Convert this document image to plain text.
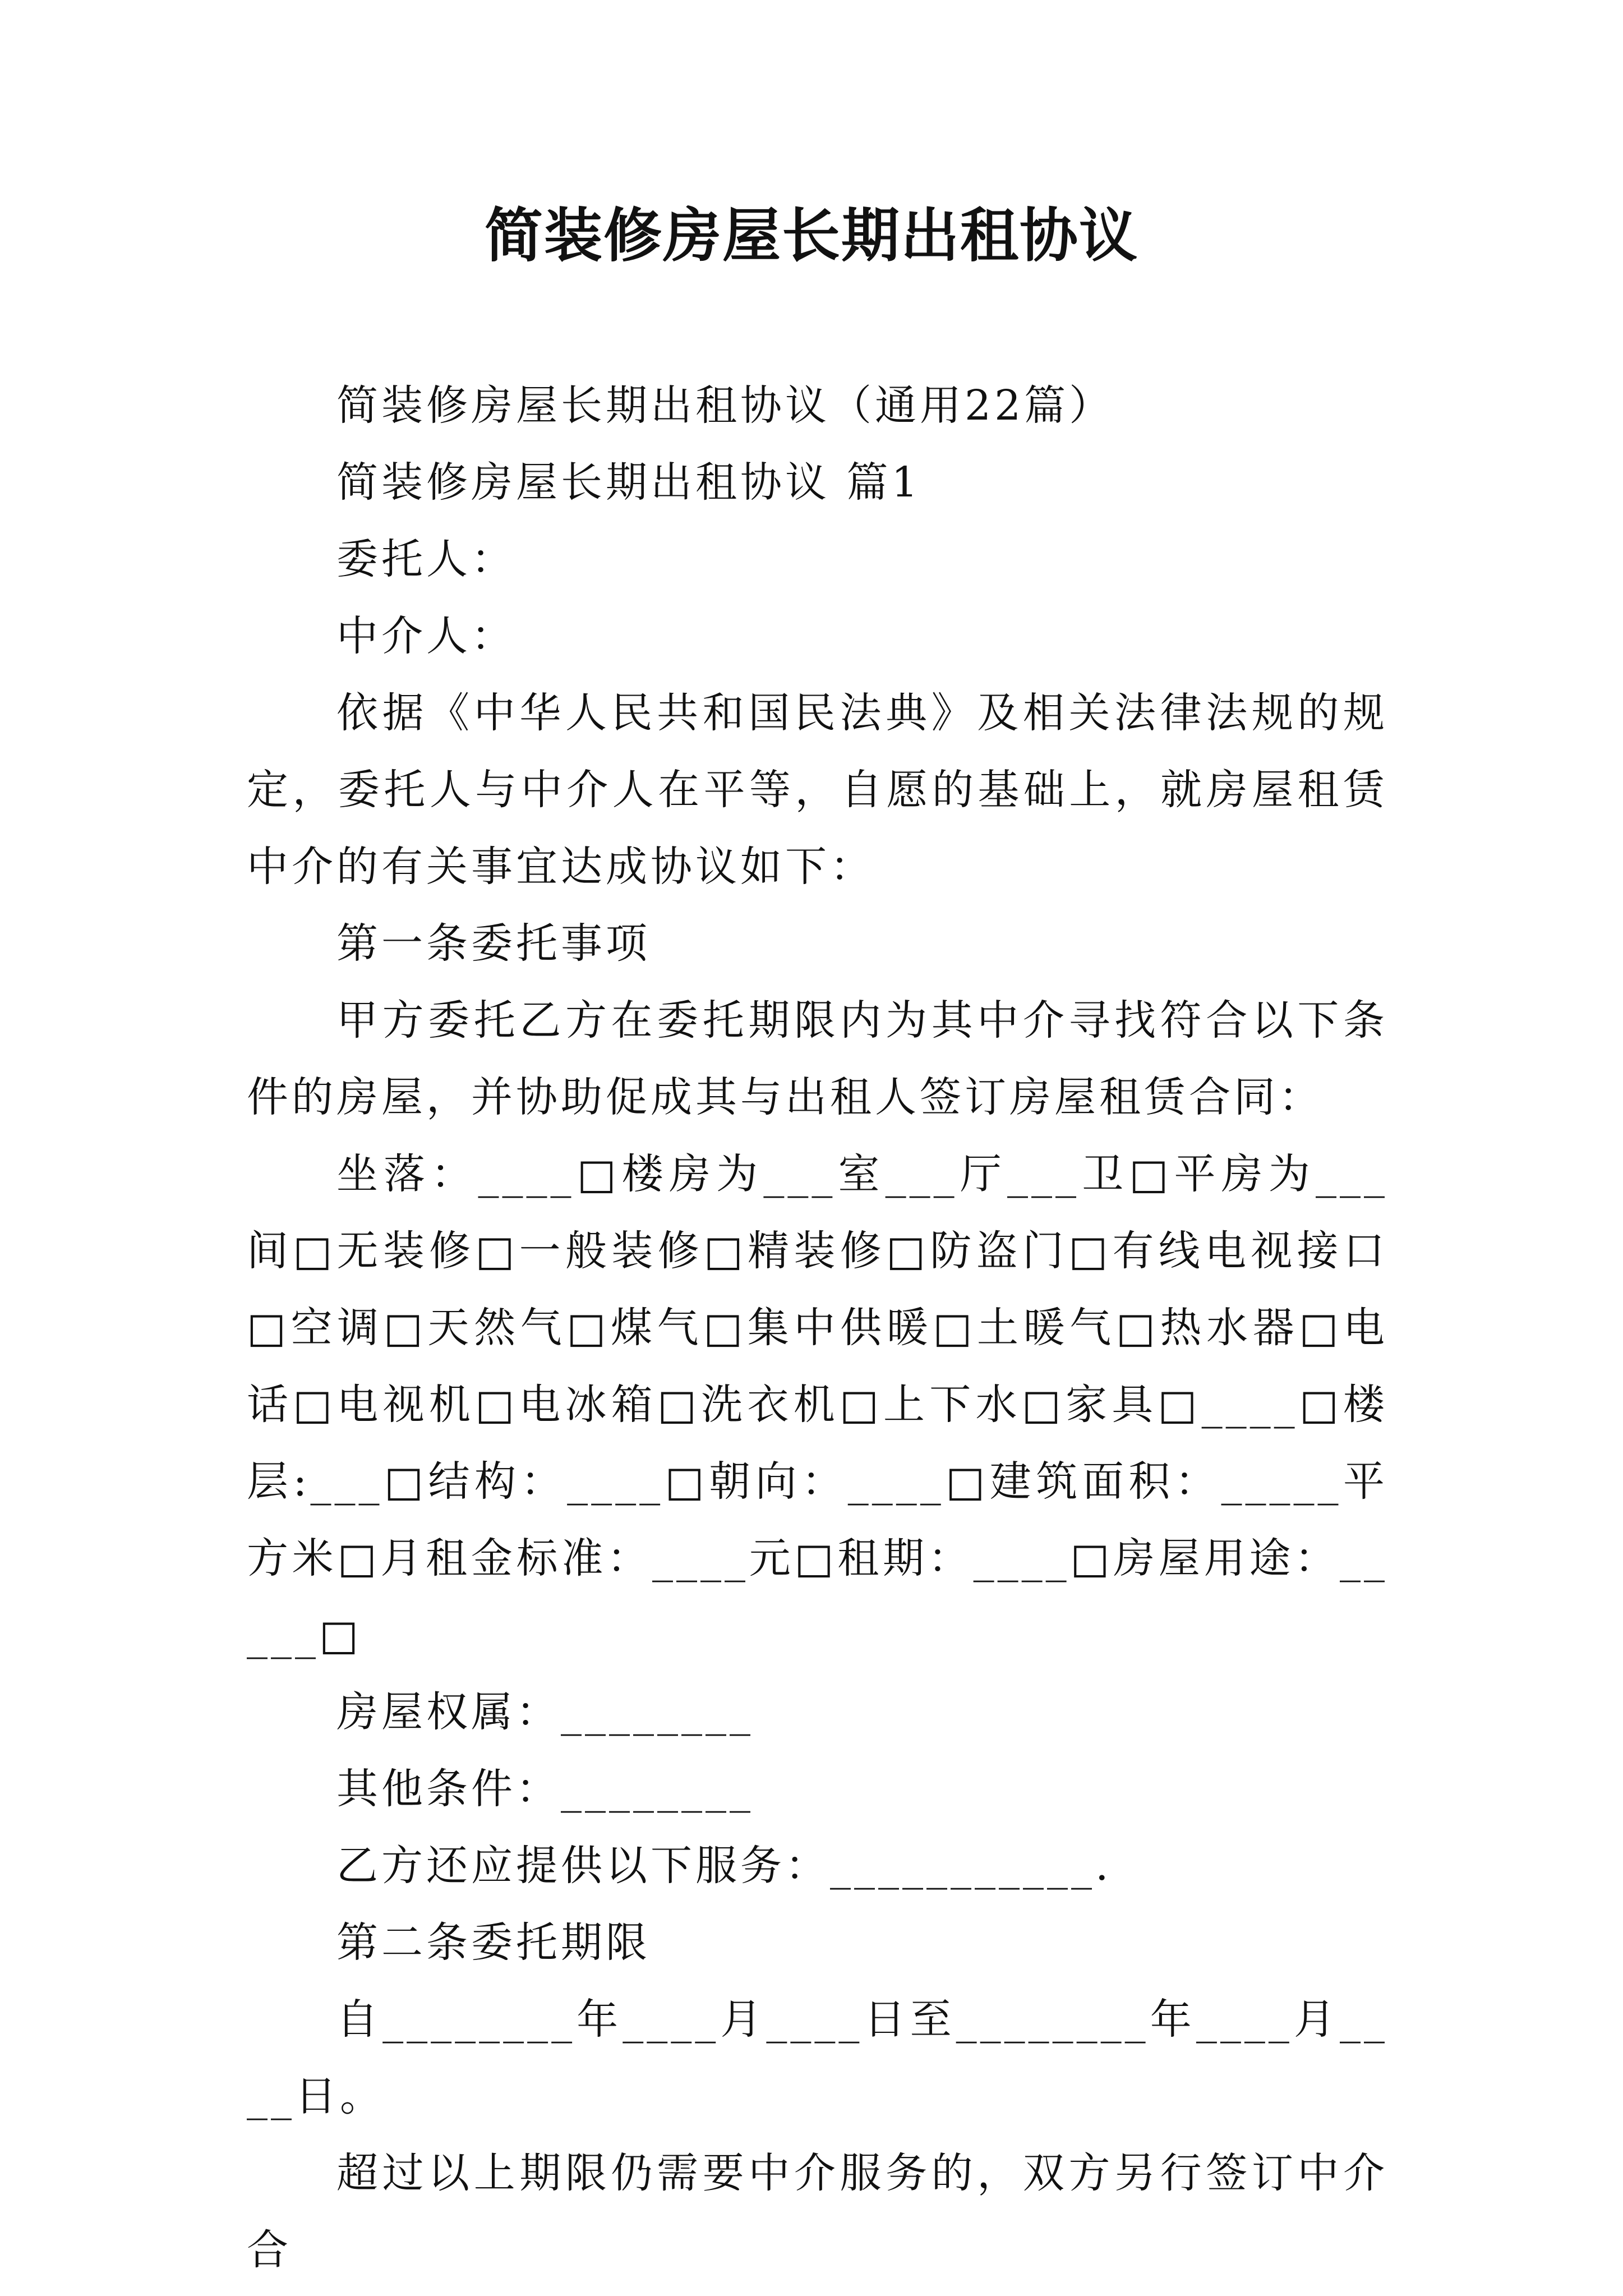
简装修房屋长期出租协议

简装修房屋长期出租协议（通用22篇）

简装修房屋长期出租协议 篇1

委托人：

中介人：

依据《中华人民共和国民法典》及相关法律法规的规定，委托人与中介人在平等，自愿的基础上，就房屋租赁中介的有关事宜达成协议如下：

第一条委托事项

甲方委托乙方在委托期限内为其中介寻找符合以下条件的房屋，并协助促成其与出租人签订房屋租赁合同：

坐落：____□楼房为___室___厅___卫□平房为___间□无装修□一般装修□精装修□防盗门□有线电视接口□空调□天然气□煤气□集中供暖□土暖气□热水器□电话□电视机□电冰箱□洗衣机□上下水□家具□____□楼层:___□结构：____□朝向：____□建筑面积：_____平方米□月租金标准：____元□租期：____□房屋用途：_____□

房屋权属：________

其他条件：________

乙方还应提供以下服务：___________.

第二条委托期限

自________年____月____日至________年____月____日。

超过以上期限仍需要中介服务的，双方另行签订中介合
